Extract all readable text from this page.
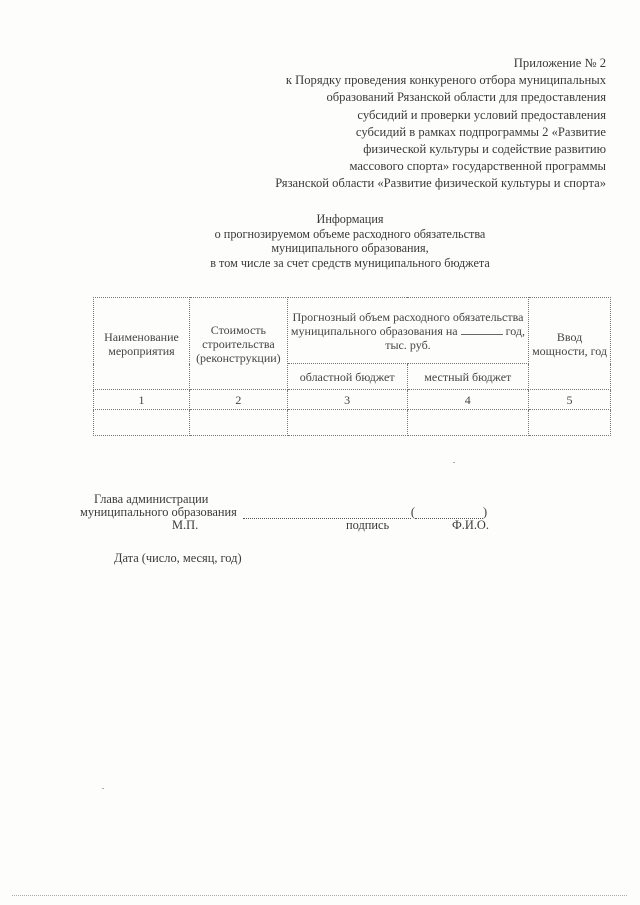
Приложение № 2
к Порядку проведения конкуреного отбора муниципальных
образований Рязанской области для предоставления
субсидий и проверки условий предоставления
субсидий в рамках подпрограммы 2 «Развитие
физической культуры и содействие развитию
массового спорта» государственной программы
Рязанской области «Развитие физической культуры и спорта»
Информация
о прогнозируемом объеме расходного обязательства
муниципального образования,
в том числе за счет средств муниципального бюджета
Наименование мероприятия	Стоимость строительства (реконструкции)	Прогнозный объем расходного обязательства муниципального образования на год, тыс. руб.		Ввод мощности, год
		областной бюджет	местный бюджет	
1	2	3	4	5

Глава администрации
муниципального образования	(	)
М.П.	подпись	Ф.И.О.
Дата (число, месяц, год)
